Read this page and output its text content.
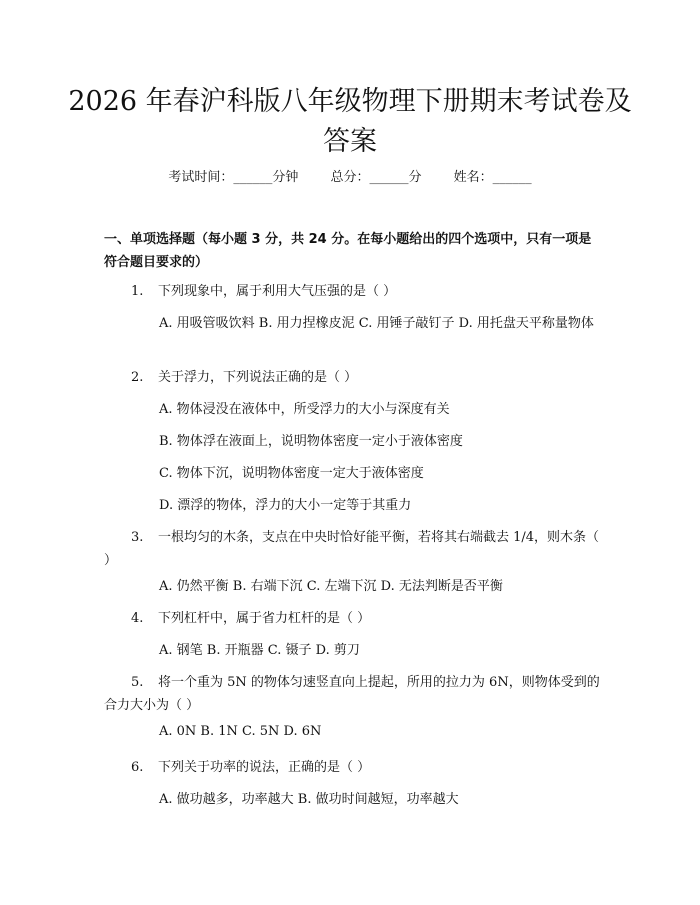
2026 年春沪科版八年级物理下册期末考试卷及答案
考试时间：______分钟 总分：______分 姓名：______
一、单项选择题（每小题 3 分，共 24 分。在每小题给出的四个选项中，只有一项是符合题目要求的）
1. 下列现象中，属于利用大气压强的是（ ）
A. 用吸管吸饮料 B. 用力捏橡皮泥 C. 用锤子敲钉子 D. 用托盘天平称量物体
2. 关于浮力，下列说法正确的是（ ）
A. 物体浸没在液体中，所受浮力的大小与深度有关
B. 物体浮在液面上，说明物体密度一定小于液体密度
C. 物体下沉，说明物体密度一定大于液体密度
D. 漂浮的物体，浮力的大小一定等于其重力
3. 一根均匀的木条，支点在中央时恰好能平衡，若将其右端截去 1/4，则木条（ ）
A. 仍然平衡 B. 右端下沉 C. 左端下沉 D. 无法判断是否平衡
4. 下列杠杆中，属于省力杠杆的是（ ）
A. 钢笔 B. 开瓶器 C. 镊子 D. 剪刀
5. 将一个重为 5N 的物体匀速竖直向上提起，所用的拉力为 6N，则物体受到的合力大小为（ ）
A. 0N B. 1N C. 5N D. 6N
6. 下列关于功率的说法，正确的是（ ）
A. 做功越多，功率越大 B. 做功时间越短，功率越大
